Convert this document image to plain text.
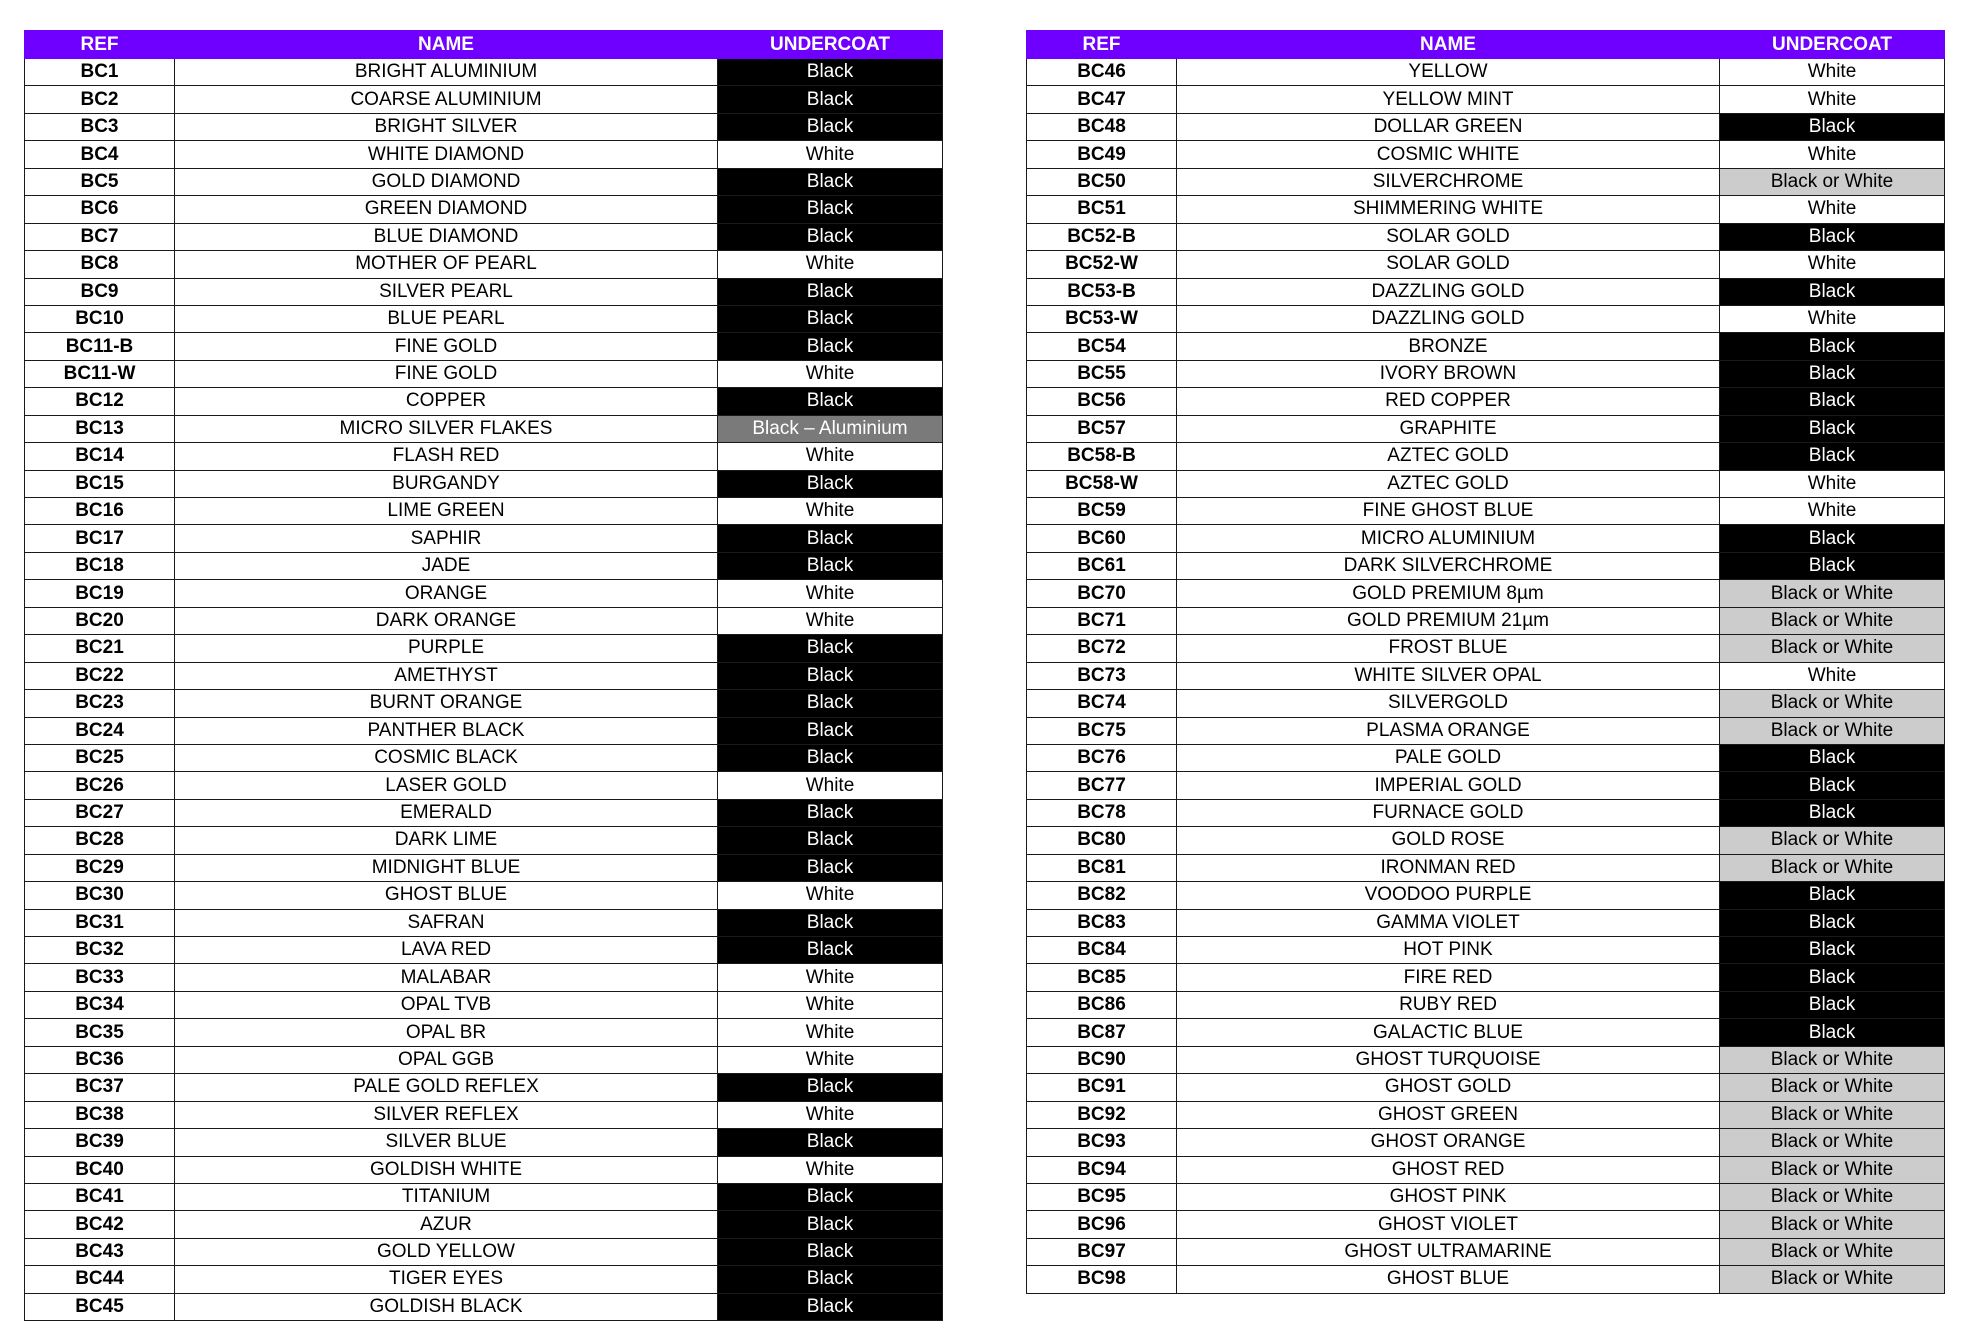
REF	NAME	UNDERCOAT
BC1	BRIGHT ALUMINIUM	Black
BC2	COARSE ALUMINIUM	Black
BC3	BRIGHT SILVER	Black
BC4	WHITE DIAMOND	White
BC5	GOLD DIAMOND	Black
BC6	GREEN DIAMOND	Black
BC7	BLUE DIAMOND	Black
BC8	MOTHER OF PEARL	White
BC9	SILVER PEARL	Black
BC10	BLUE PEARL	Black
BC11-B	FINE GOLD	Black
BC11-W	FINE GOLD	White
BC12	COPPER	Black
BC13	MICRO SILVER FLAKES	Black – Aluminium
BC14	FLASH RED	White
BC15	BURGANDY	Black
BC16	LIME GREEN	White
BC17	SAPHIR	Black
BC18	JADE	Black
BC19	ORANGE	White
BC20	DARK ORANGE	White
BC21	PURPLE	Black
BC22	AMETHYST	Black
BC23	BURNT ORANGE	Black
BC24	PANTHER BLACK	Black
BC25	COSMIC BLACK	Black
BC26	LASER GOLD	White
BC27	EMERALD	Black
BC28	DARK LIME	Black
BC29	MIDNIGHT BLUE	Black
BC30	GHOST BLUE	White
BC31	SAFRAN	Black
BC32	LAVA RED	Black
BC33	MALABAR	White
BC34	OPAL TVB	White
BC35	OPAL BR	White
BC36	OPAL GGB	White
BC37	PALE GOLD REFLEX	Black
BC38	SILVER REFLEX	White
BC39	SILVER BLUE	Black
BC40	GOLDISH WHITE	White
BC41	TITANIUM	Black
BC42	AZUR	Black
BC43	GOLD YELLOW	Black
BC44	TIGER EYES	Black
BC45	GOLDISH BLACK	Black
REF	NAME	UNDERCOAT
BC46	YELLOW	White
BC47	YELLOW MINT	White
BC48	DOLLAR GREEN	Black
BC49	COSMIC WHITE	White
BC50	SILVERCHROME	Black or White
BC51	SHIMMERING WHITE	White
BC52-B	SOLAR GOLD	Black
BC52-W	SOLAR GOLD	White
BC53-B	DAZZLING GOLD	Black
BC53-W	DAZZLING GOLD	White
BC54	BRONZE	Black
BC55	IVORY BROWN	Black
BC56	RED COPPER	Black
BC57	GRAPHITE	Black
BC58-B	AZTEC GOLD	Black
BC58-W	AZTEC GOLD	White
BC59	FINE GHOST BLUE	White
BC60	MICRO ALUMINIUM	Black
BC61	DARK SILVERCHROME	Black
BC70	GOLD PREMIUM 8µm	Black or White
BC71	GOLD PREMIUM 21µm	Black or White
BC72	FROST BLUE	Black or White
BC73	WHITE SILVER OPAL	White
BC74	SILVERGOLD	Black or White
BC75	PLASMA ORANGE	Black or White
BC76	PALE GOLD	Black
BC77	IMPERIAL GOLD	Black
BC78	FURNACE GOLD	Black
BC80	GOLD ROSE	Black or White
BC81	IRONMAN RED	Black or White
BC82	VOODOO PURPLE	Black
BC83	GAMMA VIOLET	Black
BC84	HOT PINK	Black
BC85	FIRE RED	Black
BC86	RUBY RED	Black
BC87	GALACTIC BLUE	Black
BC90	GHOST TURQUOISE	Black or White
BC91	GHOST GOLD	Black or White
BC92	GHOST GREEN	Black or White
BC93	GHOST ORANGE	Black or White
BC94	GHOST RED	Black or White
BC95	GHOST PINK	Black or White
BC96	GHOST VIOLET	Black or White
BC97	GHOST ULTRAMARINE	Black or White
BC98	GHOST BLUE	Black or White
